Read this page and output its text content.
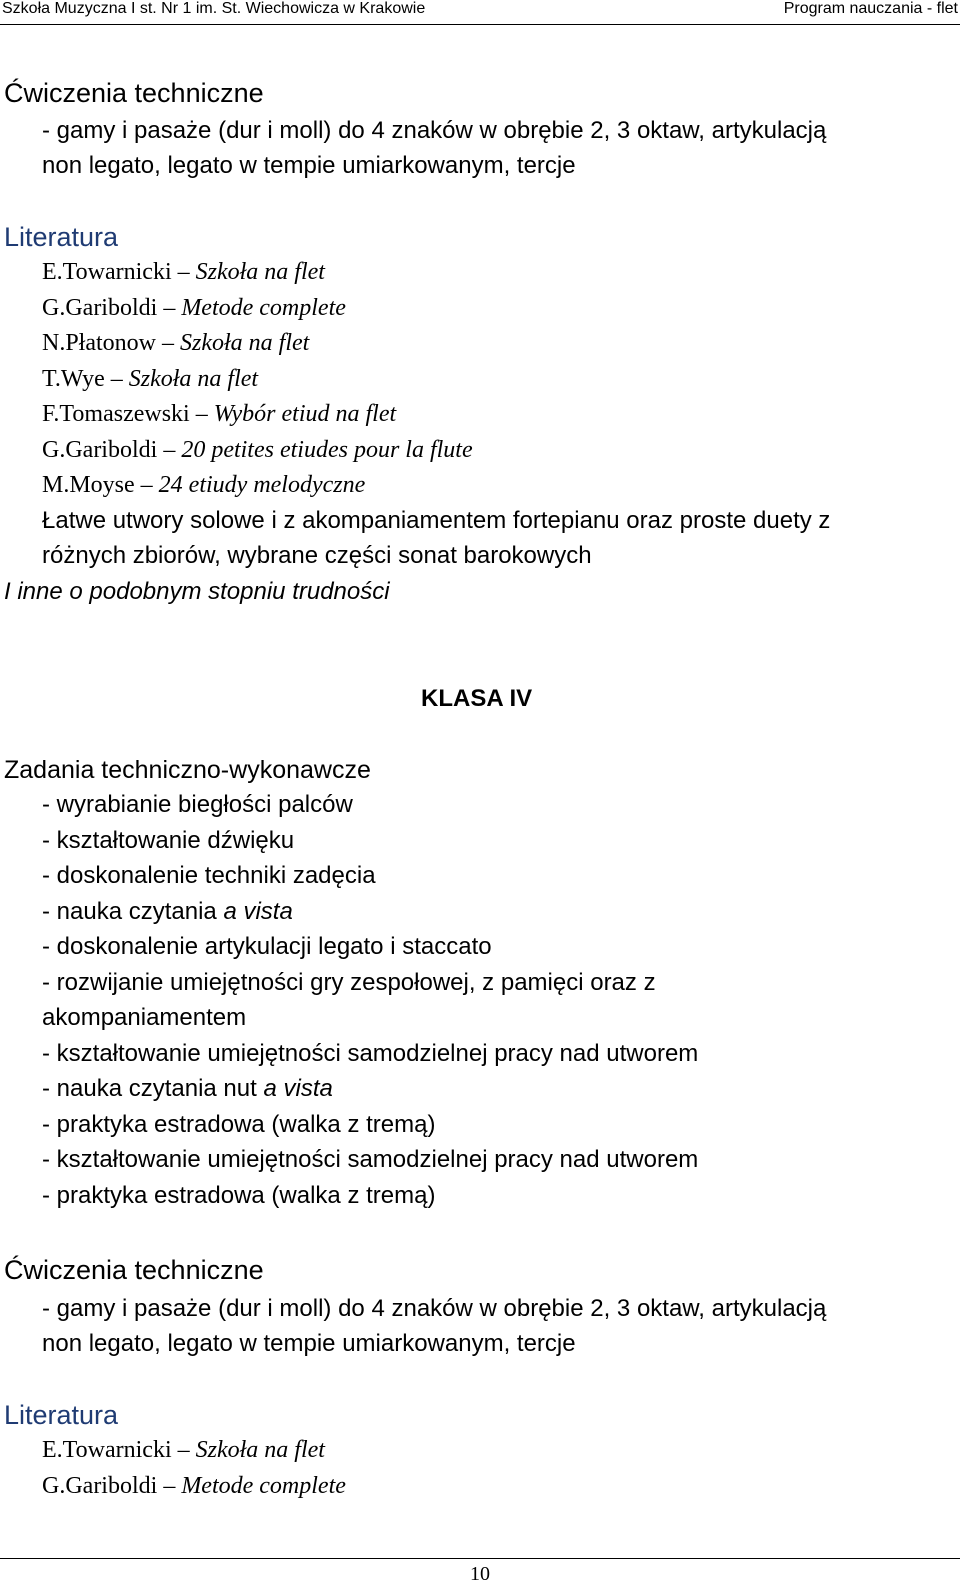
Szkoła Muzyczna I st. Nr 1 im. St. Wiechowicza w Krakowie	Program nauczania - flet
Ćwiczenia techniczne
- gamy i pasaże (dur i moll) do 4 znaków w obrębie 2, 3 oktaw, artykulacją
non legato, legato w tempie umiarkowanym, tercje
Literatura
E.Towarnicki – Szkoła na flet
G.Gariboldi – Metode complete
N.Płatonow – Szkoła na flet
T.Wye – Szkoła na flet
F.Tomaszewski – Wybór etiud na flet
G.Gariboldi – 20 petites etiudes pour la flute
M.Moyse – 24 etiudy melodyczne
Łatwe utwory solowe i z akompaniamentem fortepianu oraz proste duety z
różnych zbiorów, wybrane części sonat barokowych
I inne o podobnym stopniu trudności
KLASA IV
Zadania techniczno-wykonawcze
- wyrabianie biegłości palców
- kształtowanie dźwięku
- doskonalenie techniki zadęcia
- nauka czytania a vista
- doskonalenie artykulacji legato i staccato
- rozwijanie umiejętności gry zespołowej, z pamięci oraz z
akompaniamentem
- kształtowanie umiejętności samodzielnej pracy nad utworem
- nauka czytania nut a vista
- praktyka estradowa (walka z tremą)
- kształtowanie umiejętności samodzielnej pracy nad utworem
- praktyka estradowa (walka z tremą)
Ćwiczenia techniczne
- gamy i pasaże (dur i moll) do 4 znaków w obrębie 2, 3 oktaw, artykulacją
non legato, legato w tempie umiarkowanym, tercje
Literatura
E.Towarnicki – Szkoła na flet
G.Gariboldi – Metode complete
10
